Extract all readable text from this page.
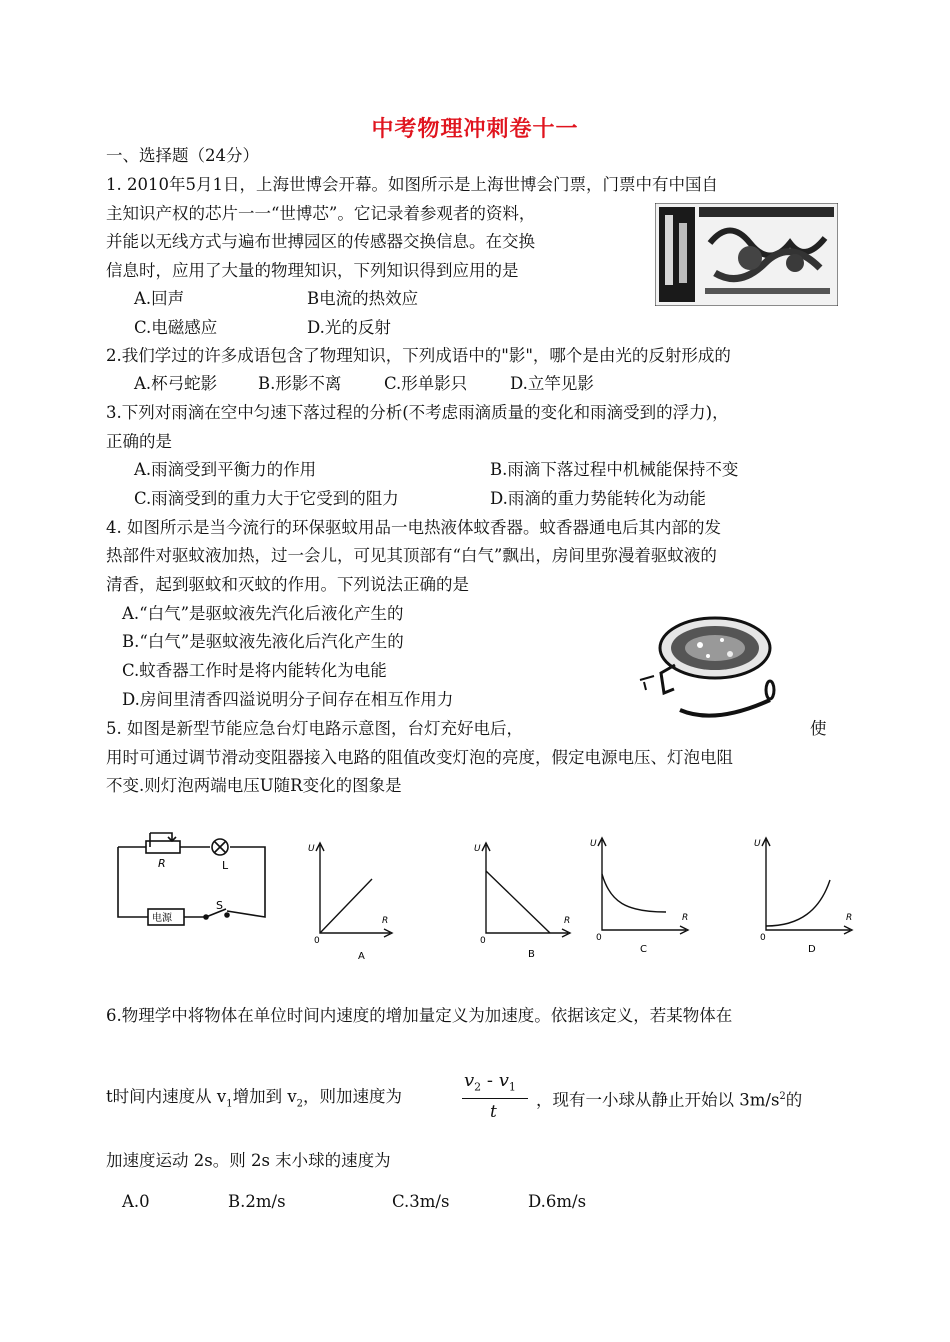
中考物理冲刺卷十一
一、选择题（24分）
1. 2010年5月1日，上海世博会开幕。如图所示是上海世博会门票，门票中有中国自
主知识产权的芯片一一“世博芯”。它记录着参观者的资料，
并能以无线方式与遍布世搏园区的传感器交换信息。在交换
信息时，应用了大量的物理知识，下列知识得到应用的是
A.回声	B电流的热效应
C.电磁感应	D.光的反射
2.我们学过的许多成语包含了物理知识，下列成语中的"影"，哪个是由光的反射形成的
A.杯弓蛇影 B.形影不离	C.形单影只	D.立竿见影
3.下列对雨滴在空中匀速下落过程的分析(不考虑雨滴质量的变化和雨滴受到的浮力)，
正确的是
A.雨滴受到平衡力的作用	B.雨滴下落过程中机械能保持不变
C.雨滴受到的重力大于它受到的阻力	D.雨滴的重力势能转化为动能
4. 如图所示是当今流行的环保驱蚊用品一电热液体蚊香器。蚊香器通电后其内部的发
热部件对驱蚊液加热，过一会儿，可见其顶部有“白气”飘出，房间里弥漫着驱蚊液的
清香，起到驱蚊和灭蚊的作用。下列说法正确的是
A.“白气”是驱蚊液先汽化后液化产生的
B.“白气”是驱蚊液先液化后汽化产生的
C.蚊香器工作时是将内能转化为电能
D.房间里清香四溢说明分子间存在相互作用力
5. 如图是新型节能应急台灯电路示意图，台灯充好电后，	使
用时可通过调节滑动变阻器接入电路的阻值改变灯泡的亮度，假定电源电压、灯泡电阻
不变.则灯泡两端电压U随R变化的图象是
R	L
S
电源
U
R
0
A
U
R
0
B
U
R
0
C
U
R
0
D
6.物理学中将物体在单位时间内速度的增加量定义为加速度。依据该定义，若某物体在
t时间内速度从 $v_1$增加到 $v_2$，则加速度为
$v_2 - v_1$
t
，现有一小球从静止开始以 $3m/s^2$的
加速度运动 2s。则 2s 末小球的速度为
A.0	B.2m/s	C.3m/s	D.6m/s
